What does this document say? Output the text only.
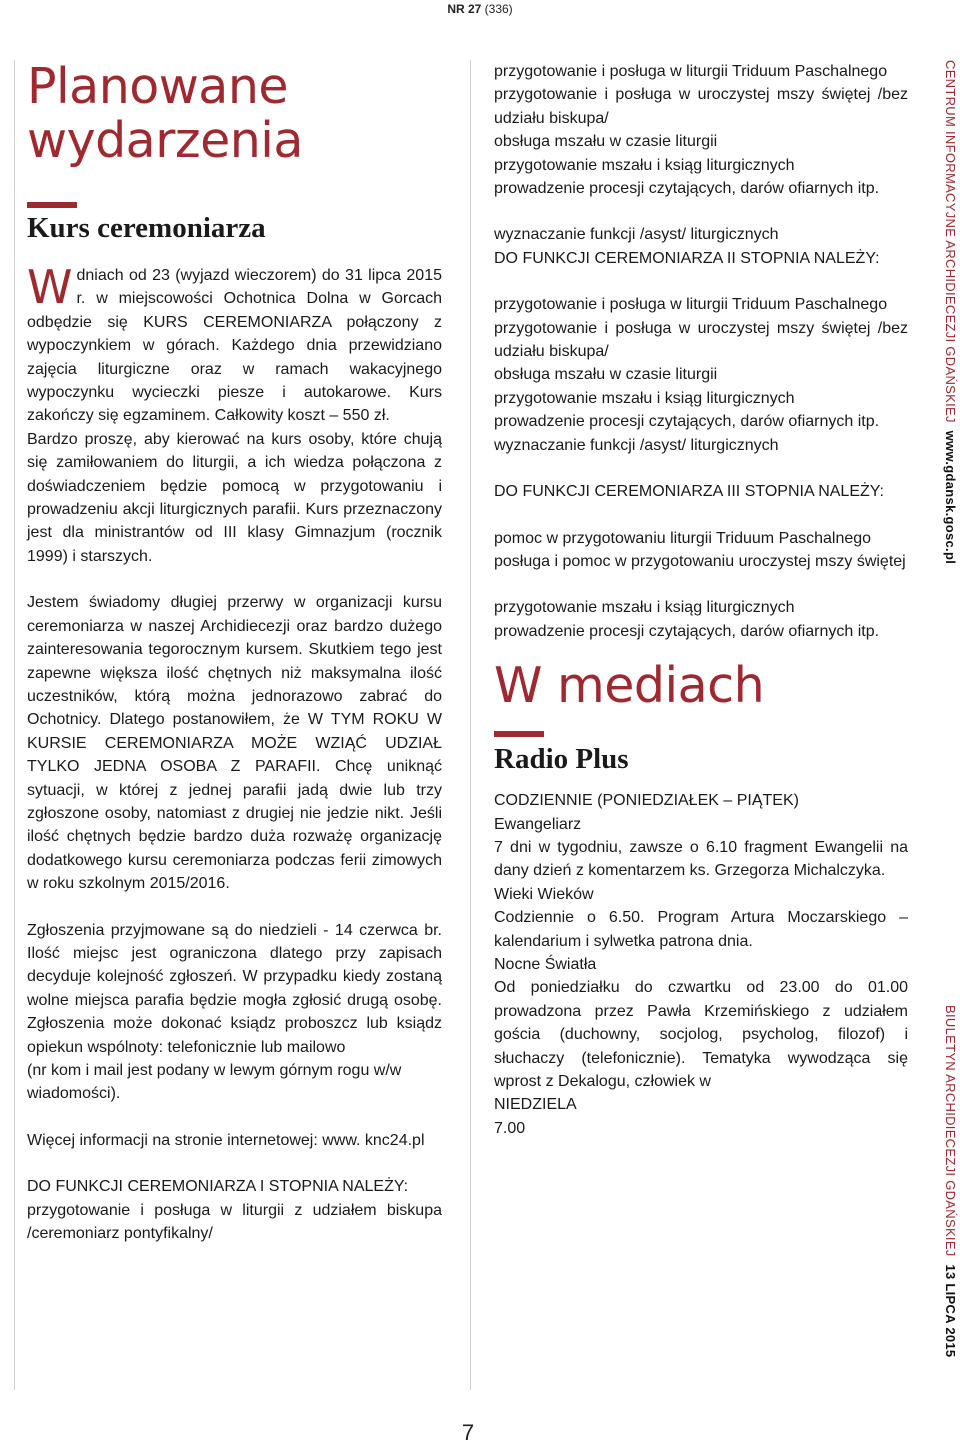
NR 27 (336)
Planowane
wydarzenia
Kurs ceremoniarza

Wdniach od 23 (wyjazd wieczorem) do 31 lipca 2015 r. w miejscowości Ochotnica Dolna w Gorcach odbędzie się KURS CEREMONIARZA połączony z wypoczynkiem w górach. Każdego dnia przewidziano zajęcia liturgiczne oraz w ramach wakacyjnego wypoczynku wycieczki piesze i autokarowe. Kurs zakończy się egzaminem. Całkowity koszt – 550 zł.

Bardzo proszę, aby kierować na kurs osoby, które chują się zamiłowaniem do liturgii, a ich wiedza połączona z doświadczeniem będzie pomocą w przygotowaniu i prowadzeniu akcji liturgicznych parafii. Kurs przeznaczony jest dla ministrantów od III klasy Gimnazjum (rocznik 1999) i starszych.

Jestem świadomy długiej przerwy w organizacji kursu ceremoniarza w naszej Archidiecezji oraz bardzo dużego zainteresowania tegorocznym kursem. Skutkiem tego jest zapewne większa ilość chętnych niż maksymalna ilość uczestników, którą można jednorazowo zabrać do Ochotnicy. Dlatego postanowiłem, że W TYM ROKU W KURSIE CEREMONIARZA MOŻE WZIĄĆ UDZIAŁ TYLKO JEDNA OSOBA Z PARAFII. Chcę uniknąć sytuacji, w której z jednej parafii jadą dwie lub trzy zgłoszone osoby, natomiast z drugiej nie jedzie nikt. Jeśli ilość chętnych będzie bardzo duża rozważę organizację dodatkowego kursu ceremoniarza podczas ferii zimowych w roku szkolnym 2015/2016.

Zgłoszenia przyjmowane są do niedzieli - 14 czerwca br. Ilość miejsc jest ograniczona dlatego przy zapisach decyduje kolejność zgłoszeń. W przypadku kiedy zostaną wolne miejsca parafia będzie mogła zgłosić drugą osobę. Zgłoszenia może dokonać ksiądz proboszcz lub ksiądz opiekun wspólnoty: telefonicznie lub mailowo

(nr kom i mail jest podany w lewym górnym rogu w/w wiadomości).

Więcej informacji na stronie internetowej: www. knc24.pl

DO FUNKCJI CEREMONIARZA I STOPNIA NALEŻY:

przygotowanie i posługa w liturgii z udziałem biskupa /ceremoniarz pontyfikalny/

przygotowanie i posługa w liturgii Triduum Paschalnego

przygotowanie i posługa w uroczystej mszy świętej /bez udziału biskupa/

obsługa mszału w czasie liturgii

przygotowanie mszału i ksiąg liturgicznych

prowadzenie procesji czytających, darów ofiarnych itp.

wyznaczanie funkcji /asyst/ liturgicznych

DO FUNKCJI CEREMONIARZA II STOPNIA NALEŻY:

przygotowanie i posługa w liturgii Triduum Paschalnego

przygotowanie i posługa w uroczystej mszy świętej /bez udziału biskupa/

obsługa mszału w czasie liturgii

przygotowanie mszału i ksiąg liturgicznych

prowadzenie procesji czytających, darów ofiarnych itp.

wyznaczanie funkcji /asyst/ liturgicznych

DO FUNKCJI CEREMONIARZA III STOPNIA NALEŻY:

pomoc w przygotowaniu liturgii Triduum Paschalnego

posługa i pomoc w przygotowaniu uroczystej mszy świętej

przygotowanie mszału i ksiąg liturgicznych

prowadzenie procesji czytających, darów ofiarnych itp.

W mediach
Radio Plus

CODZIENNIE (PONIEDZIAŁEK – PIĄTEK)

Ewangeliarz

7 dni w tygodniu, zawsze o 6.10 fragment Ewangelii na dany dzień z komentarzem ks. Grzegorza Michalczyka.

Wieki Wieków

Codziennie o 6.50. Program Artura Moczarskiego – kalendarium i sylwetka patrona dnia.

Nocne Światła

Od poniedziałku do czwartku od 23.00 do 01.00 prowadzona przez Pawła Krzemińskiego z udziałem gościa (duchowny, socjolog, psycholog, filozof) i słuchaczy (telefonicznie). Tematyka wywodząca się wprost z Dekalogu, człowiek w

NIEDZIELA

7.00

CENTRUM INFORMACYJNE ARCHIDIECEZJI GDAŃSKIEJ  www.gdansk.gosc.pl
BIULETYN ARCHIDIECEZJI GDAŃSKIEJ  13 LIPCA 2015
7
